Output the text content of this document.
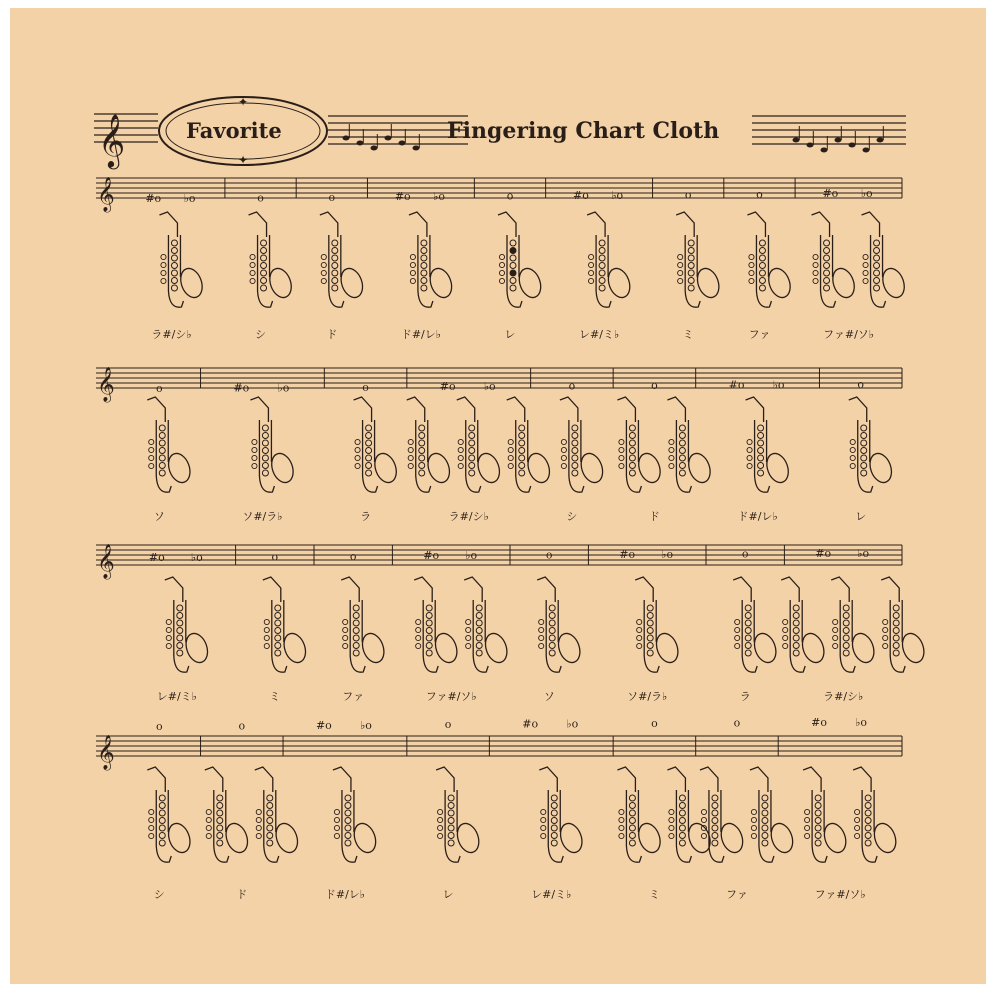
𝄞
✦
✦
𝄞	#o ♭o	o	o	#o ♭o	o	#o ♭o	o	o	#o ♭o
𝄞	o	#o	♭o	o	#o	♭o	o	o	#o	♭o	o
𝄞	#o ♭o	o	o	#o ♭o	o	#o ♭o	o	#o ♭o
𝄞
o	o	#o	♭o	o	#o	♭o	o	o	#o	♭o
Favorite	Fingering Chart Cloth
ラ#/シ♭	シ	ド	ド#/レ♭	レ	レ#/ミ♭	ミ	ファ	ファ#/ソ♭
ソ	ソ#/ラ♭	ラ	ラ#/シ♭	シ	ド	ド#/レ♭	レ
レ#/ミ♭	ミ	ファ	ファ#/ソ♭	ソ	ソ#/ラ♭	ラ	ラ#/シ♭
シ	ド	ド#/レ♭	レ	レ#/ミ♭	ミ	ファ	ファ#/ソ♭
